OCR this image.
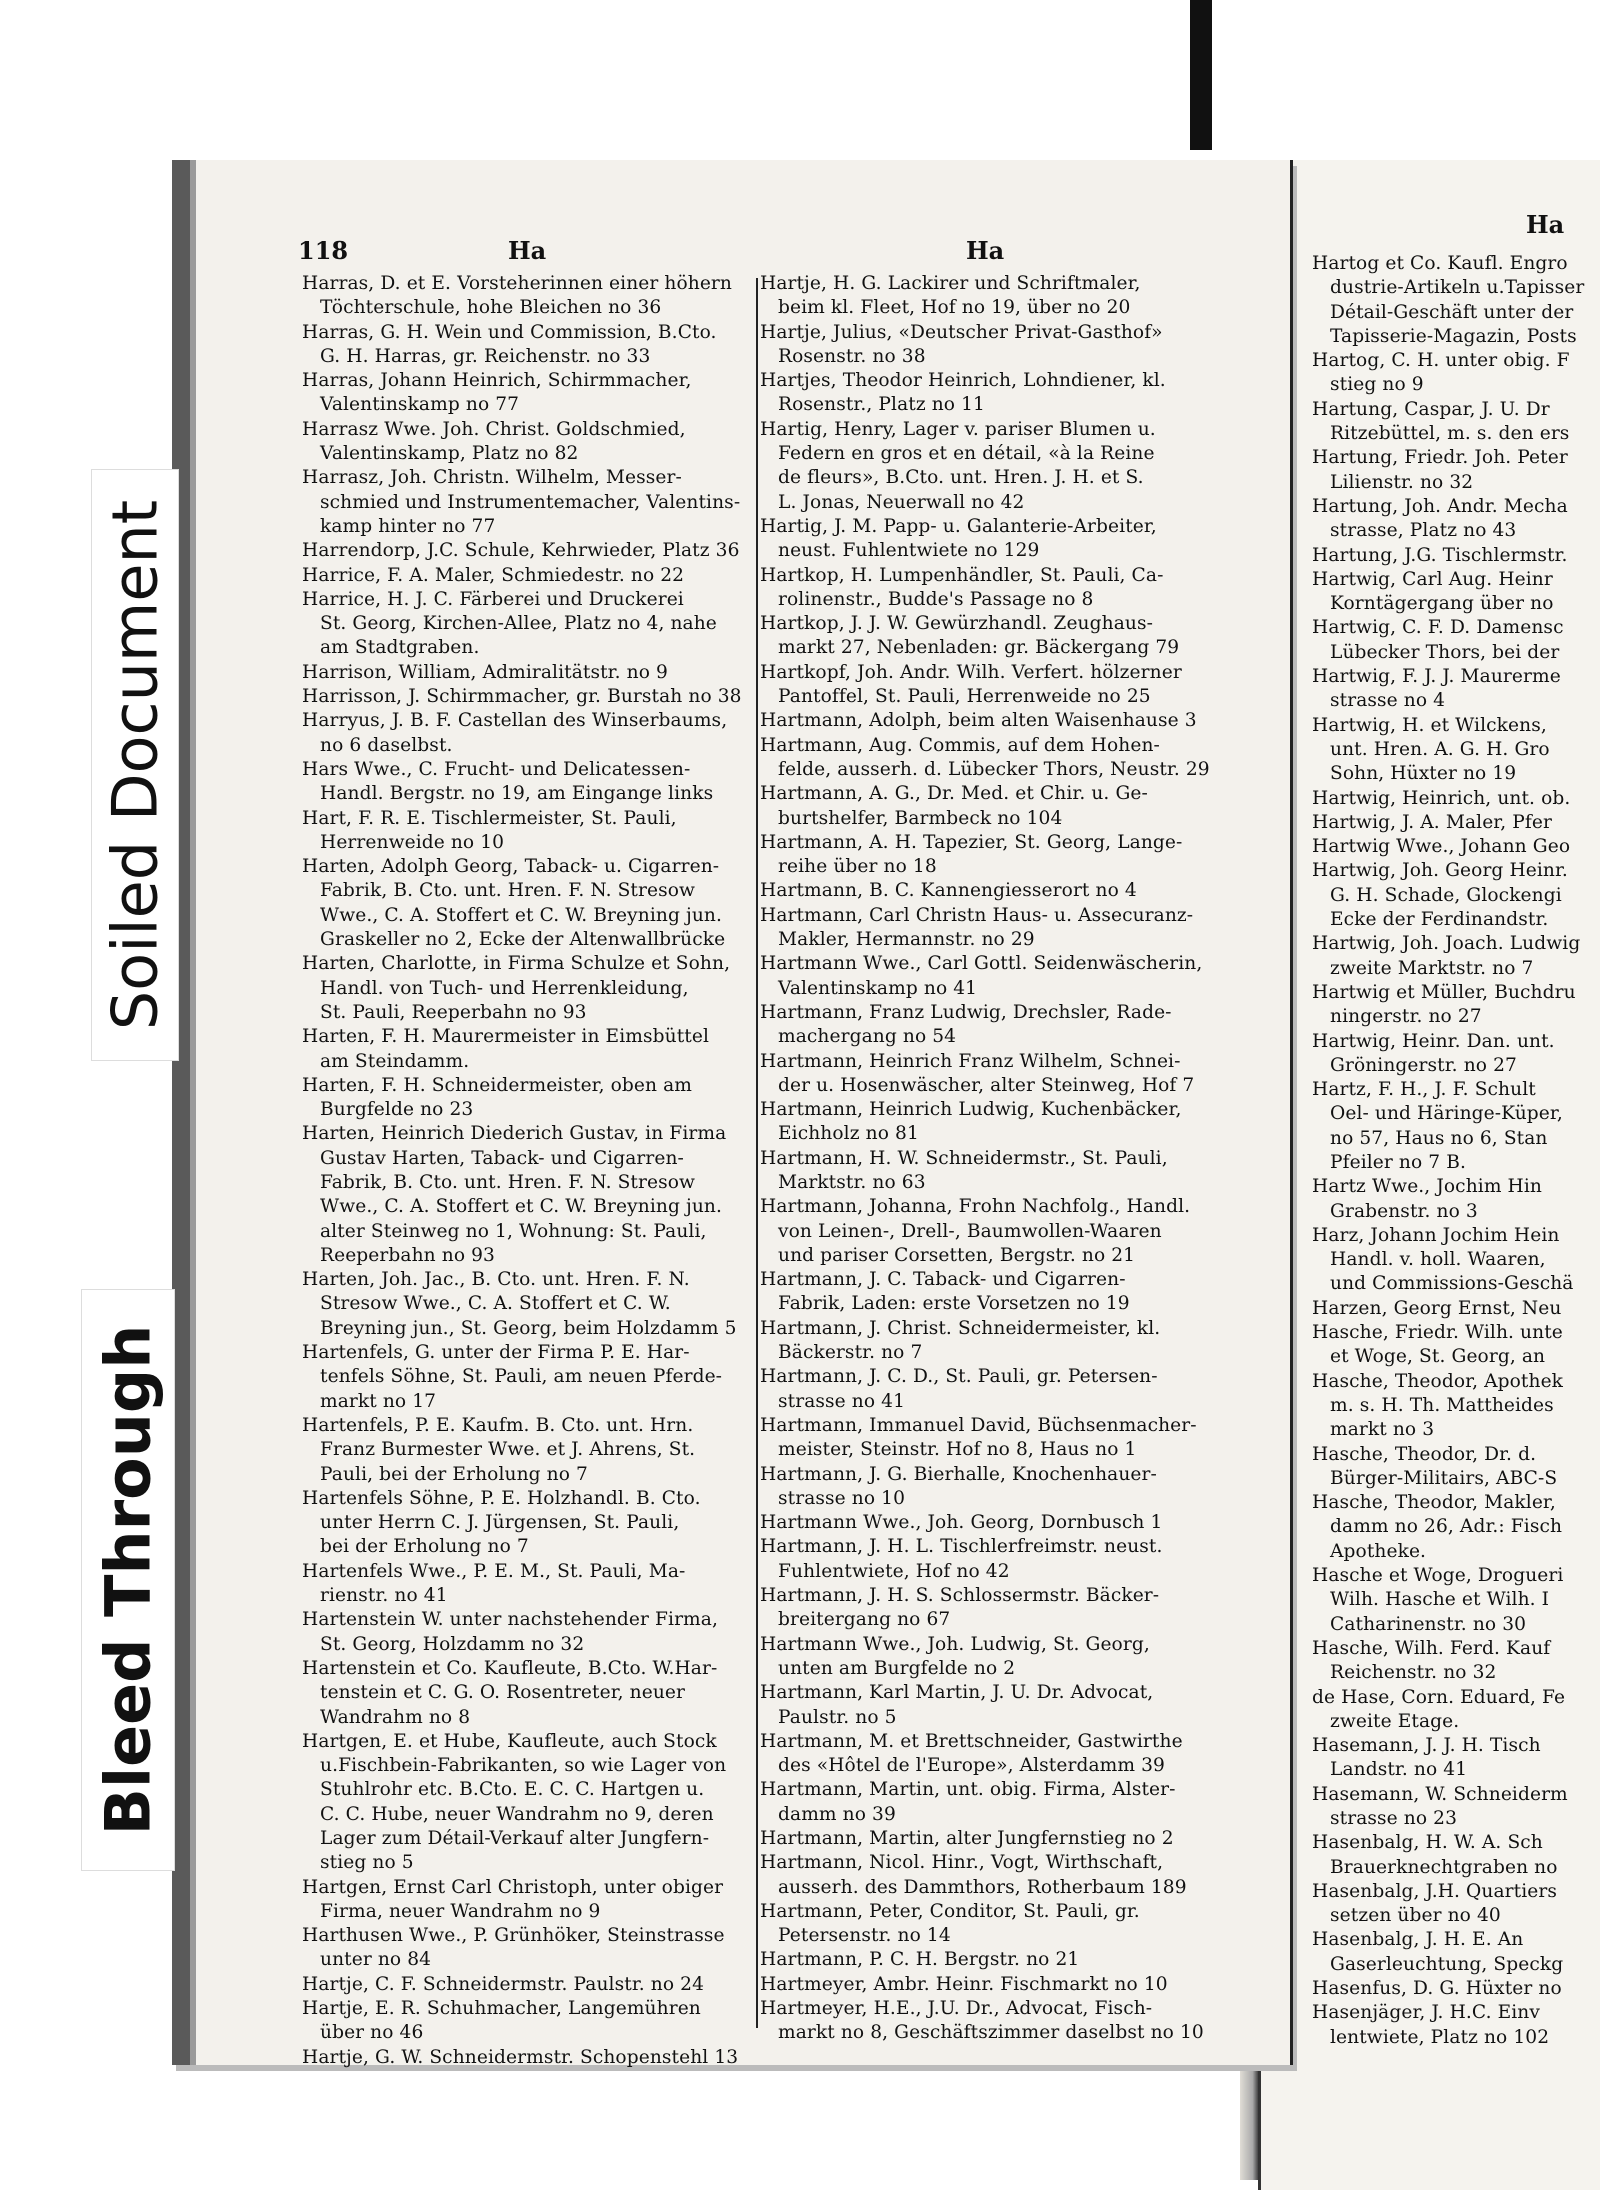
118	Ha	Ha
Ha
Harras, D. et E. Vorsteherinnen einer höhern
Töchterschule, hohe Bleichen no 36
Harras, G. H. Wein und Commission, B.Cto.
G. H. Harras, gr. Reichenstr. no 33
Harras, Johann Heinrich, Schirmmacher,
Valentinskamp no 77
Harrasz Wwe. Joh. Christ. Goldschmied,
Valentinskamp, Platz no 82
Harrasz, Joh. Christn. Wilhelm, Messer-
schmied und Instrumentemacher, Valentins-
kamp hinter no 77
Harrendorp, J.C. Schule, Kehrwieder, Platz 36
Harrice, F. A. Maler, Schmiedestr. no 22
Harrice, H. J. C. Färberei und Druckerei
St. Georg, Kirchen-Allee, Platz no 4, nahe
am Stadtgraben.
Harrison, William, Admiralitätstr. no 9
Harrisson, J. Schirmmacher, gr. Burstah no 38
Harryus, J. B. F. Castellan des Winserbaums,
no 6 daselbst.
Hars Wwe., C. Frucht- und Delicatessen-
Handl. Bergstr. no 19, am Eingange links
Hart, F. R. E. Tischlermeister, St. Pauli,
Herrenweide no 10
Harten, Adolph Georg, Taback- u. Cigarren-
Fabrik, B. Cto. unt. Hren. F. N. Stresow
Wwe., C. A. Stoffert et C. W. Breyning jun.
Graskeller no 2, Ecke der Altenwallbrücke
Harten, Charlotte, in Firma Schulze et Sohn,
Handl. von Tuch- und Herrenkleidung,
St. Pauli, Reeperbahn no 93
Harten, F. H. Maurermeister in Eimsbüttel
am Steindamm.
Harten, F. H. Schneidermeister, oben am
Burgfelde no 23
Harten, Heinrich Diederich Gustav, in Firma
Gustav Harten, Taback- und Cigarren-
Fabrik, B. Cto. unt. Hren. F. N. Stresow
Wwe., C. A. Stoffert et C. W. Breyning jun.
alter Steinweg no 1, Wohnung: St. Pauli,
Reeperbahn no 93
Harten, Joh. Jac., B. Cto. unt. Hren. F. N.
Stresow Wwe., C. A. Stoffert et C. W.
Breyning jun., St. Georg, beim Holzdamm 5
Hartenfels, G. unter der Firma P. E. Har-
tenfels Söhne, St. Pauli, am neuen Pferde-
markt no 17
Hartenfels, P. E. Kaufm. B. Cto. unt. Hrn.
Franz Burmester Wwe. et J. Ahrens, St.
Pauli, bei der Erholung no 7
Hartenfels Söhne, P. E. Holzhandl. B. Cto.
unter Herrn C. J. Jürgensen, St. Pauli,
bei der Erholung no 7
Hartenfels Wwe., P. E. M., St. Pauli, Ma-
rienstr. no 41
Hartenstein W. unter nachstehender Firma,
St. Georg, Holzdamm no 32
Hartenstein et Co. Kaufleute, B.Cto. W.Har-
tenstein et C. G. O. Rosentreter, neuer
Wandrahm no 8
Hartgen, E. et Hube, Kaufleute, auch Stock
u.Fischbein-Fabrikanten, so wie Lager von
Stuhlrohr etc. B.Cto. E. C. C. Hartgen u.
C. C. Hube, neuer Wandrahm no 9, deren
Lager zum Détail-Verkauf alter Jungfern-
stieg no 5
Hartgen, Ernst Carl Christoph, unter obiger
Firma, neuer Wandrahm no 9
Harthusen Wwe., P. Grünhöker, Steinstrasse
unter no 84
Hartje, C. F. Schneidermstr. Paulstr. no 24
Hartje, E. R. Schuhmacher, Langemühren
über no 46
Hartje, G. W. Schneidermstr. Schopenstehl 13
Hartje, H. G. Lackirer und Schriftmaler,
beim kl. Fleet, Hof no 19, über no 20
Hartje, Julius, «Deutscher Privat-Gasthof»
Rosenstr. no 38
Hartjes, Theodor Heinrich, Lohndiener, kl.
Rosenstr., Platz no 11
Hartig, Henry, Lager v. pariser Blumen u.
Federn en gros et en détail, «à la Reine
de fleurs», B.Cto. unt. Hren. J. H. et S.
L. Jonas, Neuerwall no 42
Hartig, J. M. Papp- u. Galanterie-Arbeiter,
neust. Fuhlentwiete no 129
Hartkop, H. Lumpenhändler, St. Pauli, Ca-
rolinenstr., Budde's Passage no 8
Hartkop, J. J. W. Gewürzhandl. Zeughaus-
markt 27, Nebenladen: gr. Bäckergang 79
Hartkopf, Joh. Andr. Wilh. Verfert. hölzerner
Pantoffel, St. Pauli, Herrenweide no 25
Hartmann, Adolph, beim alten Waisenhause 3
Hartmann, Aug. Commis, auf dem Hohen-
felde, ausserh. d. Lübecker Thors, Neustr. 29
Hartmann, A. G., Dr. Med. et Chir. u. Ge-
burtshelfer, Barmbeck no 104
Hartmann, A. H. Tapezier, St. Georg, Lange-
reihe über no 18
Hartmann, B. C. Kannengiesserort no 4
Hartmann, Carl Christn Haus- u. Assecuranz-
Makler, Hermannstr. no 29
Hartmann Wwe., Carl Gottl. Seidenwäscherin,
Valentinskamp no 41
Hartmann, Franz Ludwig, Drechsler, Rade-
machergang no 54
Hartmann, Heinrich Franz Wilhelm, Schnei-
der u. Hosenwäscher, alter Steinweg, Hof 7
Hartmann, Heinrich Ludwig, Kuchenbäcker,
Eichholz no 81
Hartmann, H. W. Schneidermstr., St. Pauli,
Marktstr. no 63
Hartmann, Johanna, Frohn Nachfolg., Handl.
von Leinen-, Drell-, Baumwollen-Waaren
und pariser Corsetten, Bergstr. no 21
Hartmann, J. C. Taback- und Cigarren-
Fabrik, Laden: erste Vorsetzen no 19
Hartmann, J. Christ. Schneidermeister, kl.
Bäckerstr. no 7
Hartmann, J. C. D., St. Pauli, gr. Petersen-
strasse no 41
Hartmann, Immanuel David, Büchsenmacher-
meister, Steinstr. Hof no 8, Haus no 1
Hartmann, J. G. Bierhalle, Knochenhauer-
strasse no 10
Hartmann Wwe., Joh. Georg, Dornbusch 1
Hartmann, J. H. L. Tischlerfreimstr. neust.
Fuhlentwiete, Hof no 42
Hartmann, J. H. S. Schlossermstr. Bäcker-
breitergang no 67
Hartmann Wwe., Joh. Ludwig, St. Georg,
unten am Burgfelde no 2
Hartmann, Karl Martin, J. U. Dr. Advocat,
Paulstr. no 5
Hartmann, M. et Brettschneider, Gastwirthe
des «Hôtel de l'Europe», Alsterdamm 39
Hartmann, Martin, unt. obig. Firma, Alster-
damm no 39
Hartmann, Martin, alter Jungfernstieg no 2
Hartmann, Nicol. Hinr., Vogt, Wirthschaft,
ausserh. des Dammthors, Rotherbaum 189
Hartmann, Peter, Conditor, St. Pauli, gr.
Petersenstr. no 14
Hartmann, P. C. H. Bergstr. no 21
Hartmeyer, Ambr. Heinr. Fischmarkt no 10
Hartmeyer, H.E., J.U. Dr., Advocat, Fisch-
markt no 8, Geschäftszimmer daselbst no 10
Hartog et Co. Kaufl. Engro
dustrie-Artikeln u.Tapisser
Détail-Geschäft unter der
Tapisserie-Magazin, Posts
Hartog, C. H. unter obig. F
stieg no 9
Hartung, Caspar, J. U. Dr
Ritzebüttel, m. s. den ers
Hartung, Friedr. Joh. Peter
Lilienstr. no 32
Hartung, Joh. Andr. Mecha
strasse, Platz no 43
Hartung, J.G. Tischlermstr.
Hartwig, Carl Aug. Heinr
Korntägergang über no
Hartwig, C. F. D. Damensc
Lübecker Thors, bei der
Hartwig, F. J. J. Maurerme
strasse no 4
Hartwig, H. et Wilckens,
unt. Hren. A. G. H. Gro
Sohn, Hüxter no 19
Hartwig, Heinrich, unt. ob.
Hartwig, J. A. Maler, Pfer
Hartwig Wwe., Johann Geo
Hartwig, Joh. Georg Heinr.
G. H. Schade, Glockengi
Ecke der Ferdinandstr.
Hartwig, Joh. Joach. Ludwig
zweite Marktstr. no 7
Hartwig et Müller, Buchdru
ningerstr. no 27
Hartwig, Heinr. Dan. unt.
Gröningerstr. no 27
Hartz, F. H., J. F. Schult
Oel- und Häringe-Küper,
no 57, Haus no 6, Stan
Pfeiler no 7 B.
Hartz Wwe., Jochim Hin
Grabenstr. no 3
Harz, Johann Jochim Hein
Handl. v. holl. Waaren,
und Commissions-Geschä
Harzen, Georg Ernst, Neu
Hasche, Friedr. Wilh. unte
et Woge, St. Georg, an
Hasche, Theodor, Apothek
m. s. H. Th. Mattheides
markt no 3
Hasche, Theodor, Dr. d.
Bürger-Militairs, ABC-S
Hasche, Theodor, Makler,
damm no 26, Adr.: Fisch
Apotheke.
Hasche et Woge, Drogueri
Wilh. Hasche et Wilh. I
Catharinenstr. no 30
Hasche, Wilh. Ferd. Kauf
Reichenstr. no 32
de Hase, Corn. Eduard, Fe
zweite Etage.
Hasemann, J. J. H. Tisch
Landstr. no 41
Hasemann, W. Schneiderm
strasse no 23
Hasenbalg, H. W. A. Sch
Brauerknechtgraben no
Hasenbalg, J.H. Quartiers
setzen über no 40
Hasenbalg, J. H. E. An
Gaserleuchtung, Speckg
Hasenfus, D. G. Hüxter no
Hasenjäger, J. H.C. Einv
lentwiete, Platz no 102
Soiled Document
Bleed Through
